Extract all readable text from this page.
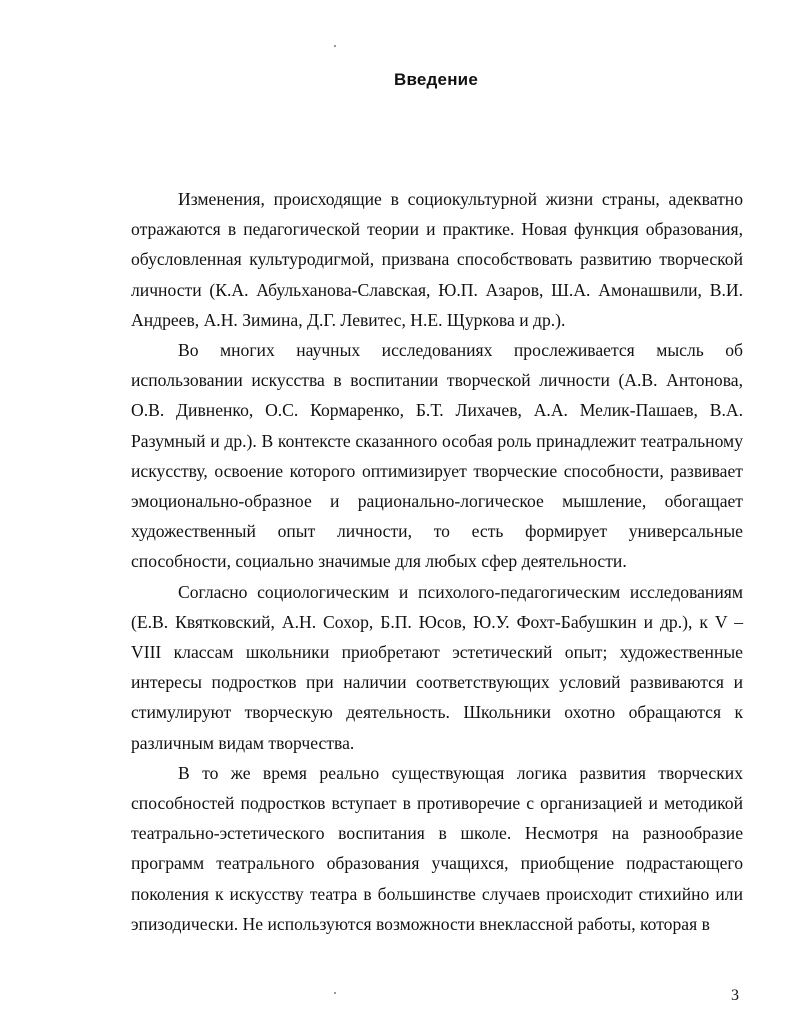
Введение

Изменения, происходящие в социокультурной жизни страны, адекватно отражаются в педагогической теории и практике. Новая функция образования, обусловленная культуродигмой, призвана способствовать развитию творческой личности (К.А. Абульханова-Славская, Ю.П. Азаров, Ш.А. Амонашвили, В.И. Андреев, А.Н. Зимина, Д.Г. Левитес, Н.Е. Щуркова и др.).

Во многих научных исследованиях прослеживается мысль об использовании искусства в воспитании творческой личности (А.В. Антонова, О.В. Дивненко, О.С. Кормаренко, Б.Т. Лихачев, А.А. Мелик-Пашаев, В.А. Разумный и др.). В контексте сказанного особая роль принадлежит театральному искусству, освоение которого оптимизирует творческие способности, развивает эмоционально-образное и рационально-логическое мышление, обогащает художественный опыт личности, то есть формирует универсальные способности, социально значимые для любых сфер деятельности.

Согласно социологическим и психолого-педагогическим исследованиям (Е.В. Квятковский, А.Н. Сохор, Б.П. Юсов, Ю.У. Фохт-Бабушкин и др.), к V – VIII классам школьники приобретают эстетический опыт; художественные интересы подростков при наличии соответствующих условий развиваются и стимулируют творческую деятельность. Школьники охотно обращаются к различным видам творчества.

В то же время реально существующая логика развития творческих способностей подростков вступает в противоречие с организацией и методикой театрально-эстетического воспитания в школе. Несмотря на разнообразие программ театрального образования учащихся, приобщение подрастающего поколения к искусству театра в большинстве случаев происходит стихийно или эпизодически. Не используются возможности внеклассной работы, которая в

3
